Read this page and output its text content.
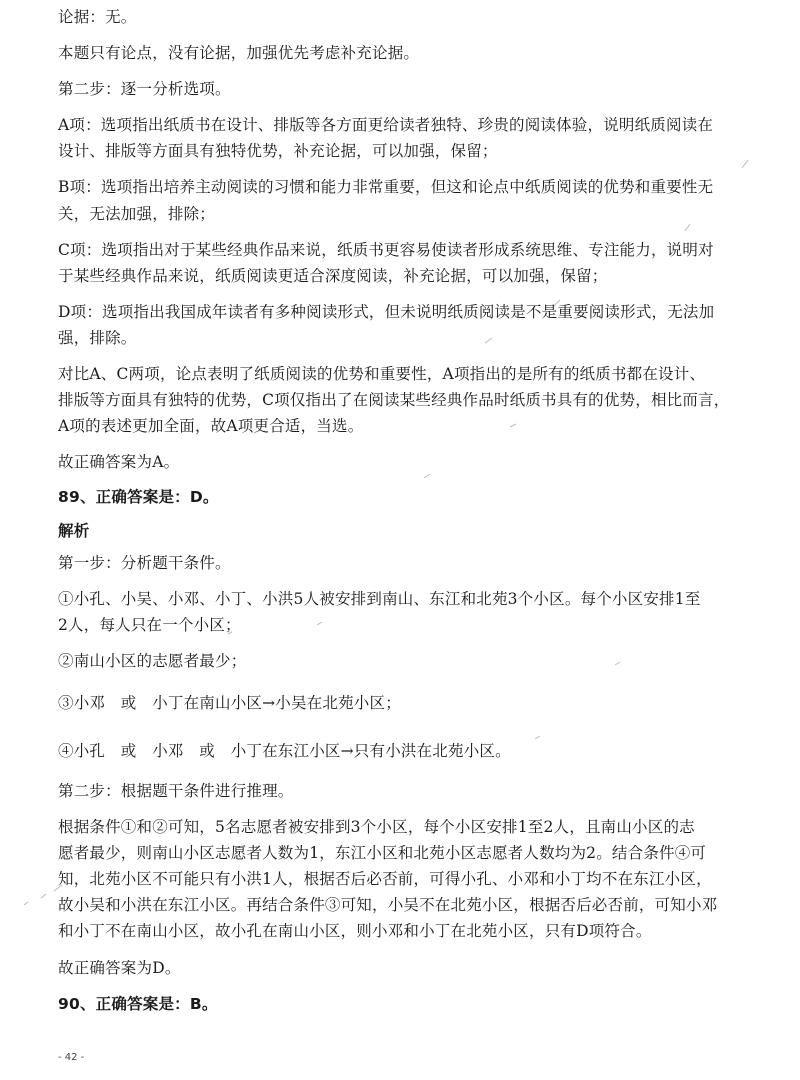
论据：无。
本题只有论点，没有论据，加强优先考虑补充论据。
第二步：逐一分析选项。
A项：选项指出纸质书在设计、排版等各方面更给读者独特、珍贵的阅读体验，说明纸质阅读在
设计、排版等方面具有独特优势，补充论据，可以加强，保留；
B项：选项指出培养主动阅读的习惯和能力非常重要，但这和论点中纸质阅读的优势和重要性无
关，无法加强，排除；
C项：选项指出对于某些经典作品来说，纸质书更容易使读者形成系统思维、专注能力，说明对
于某些经典作品来说，纸质阅读更适合深度阅读，补充论据，可以加强，保留；
D项：选项指出我国成年读者有多种阅读形式，但未说明纸质阅读是不是重要阅读形式，无法加
强，排除。
对比A、C两项，论点表明了纸质阅读的优势和重要性，A项指出的是所有的纸质书都在设计、
排版等方面具有独特的优势，C项仅指出了在阅读某些经典作品时纸质书具有的优势，相比而言，
A项的表述更加全面，故A项更合适，当选。
故正确答案为A。
89、正确答案是：D。
解析
第一步：分析题干条件。
①小孔、小吴、小邓、小丁、小洪5人被安排到南山、东江和北苑3个小区。每个小区安排1至
2人，每人只在一个小区；
②南山小区的志愿者最少；
③小邓　或　小丁在南山小区→小吴在北苑小区；
④小孔　或　小邓　或　小丁在东江小区→只有小洪在北苑小区。
第二步：根据题干条件进行推理。
根据条件①和②可知，5名志愿者被安排到3个小区，每个小区安排1至2人，且南山小区的志
愿者最少，则南山小区志愿者人数为1，东江小区和北苑小区志愿者人数均为2。结合条件④可
知，北苑小区不可能只有小洪1人，根据否后必否前，可得小孔、小邓和小丁均不在东江小区，
故小吴和小洪在东江小区。再结合条件③可知，小吴不在北苑小区，根据否后必否前，可知小邓
和小丁不在南山小区，故小孔在南山小区，则小邓和小丁在北苑小区，只有D项符合。
故正确答案为D。
90、正确答案是：B。
- 42 -
